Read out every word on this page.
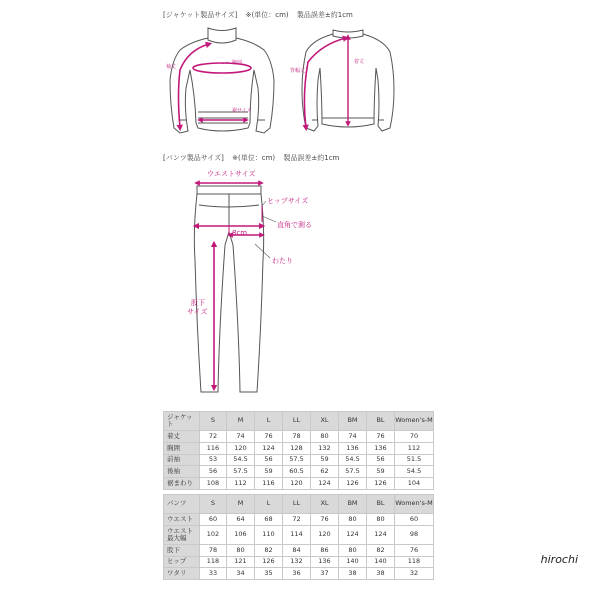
[ジャケット製品サイズ] ※(単位：cm) 製品誤差±約1cm
[パンツ製品サイズ] ※(単位：cm) 製品誤差±約1cm
袖丈
胸囲
裾サイズ
背幅丈
着丈
ウエストサイズ
ヒップサイズ
直角で測る
8cm
わたり
股下
サイズ
ジャケット	S	M	L	LL	XL	BM	BL	Women's-M
着丈	72	74	76	78	80	74	76	70
胸囲	116	120	124	128	132	136	136	112
前袖	53	54.5	56	57.5	59	54.5	56	51.5
後袖	56	57.5	59	60.5	62	57.5	59	54.5
裾まわり	108	112	116	120	124	126	126	104
パンツ	S	M	L	LL	XL	BM	BL	Women's-M
ウエスト	60	64	68	72	76	80	80	60
ウエスト最大幅	102	106	110	114	120	124	124	98
股下	78	80	82	84	86	80	82	76
ヒップ	118	121	126	132	136	140	140	118
ワタリ	33	34	35	36	37	38	38	32
hirochi
